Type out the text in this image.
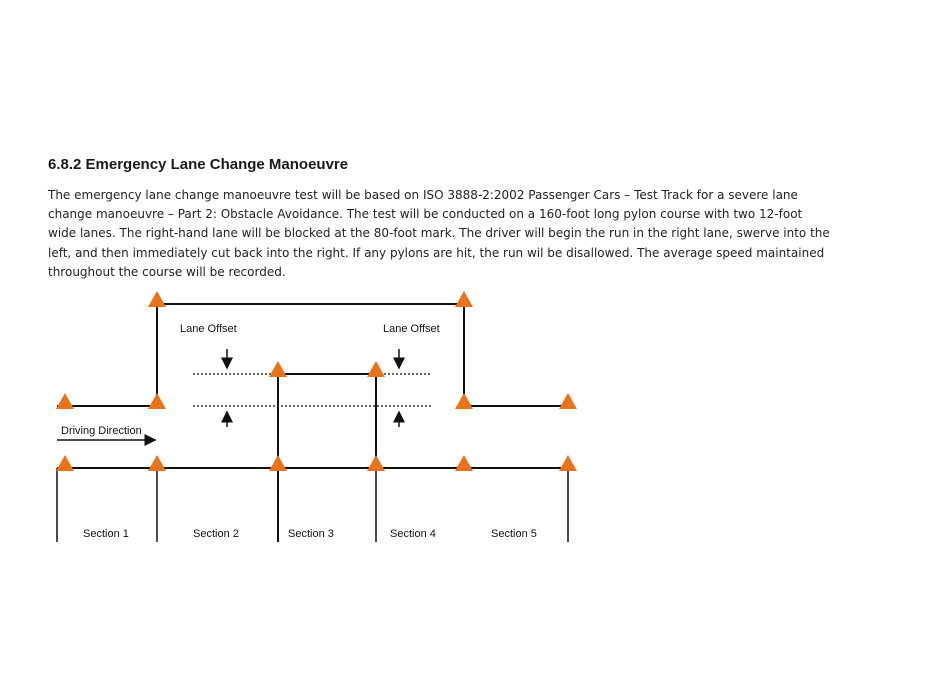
6.8.2 Emergency Lane Change Manoeuvre
The emergency lane change manoeuvre test will be based on ISO 3888-2:2002 Passenger Cars – Test Track for a severe lane
change manoeuvre – Part 2: Obstacle Avoidance. The test will be conducted on a 160-foot long pylon course with two 12-foot
wide lanes. The right-hand lane will be blocked at the 80-foot mark. The driver will begin the run in the right lane, swerve into the
left, and then immediately cut back into the right. If any pylons are hit, the run wil be disallowed. The average speed maintained
throughout the course will be recorded.
Lane Offset	Lane Offset
Driving Direction
Section 1	Section 2	Section 3	Section 4	Section 5
